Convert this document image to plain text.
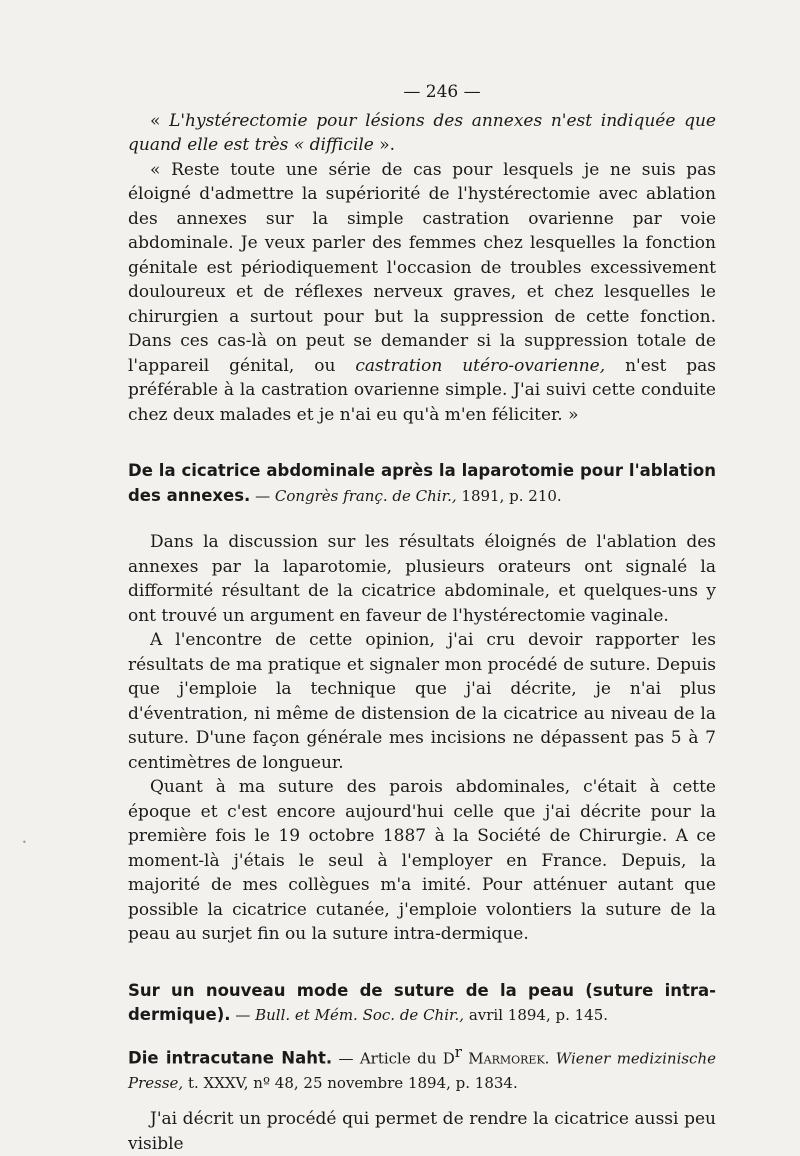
— 246 —

« L'hystérectomie pour lésions des annexes n'est indiquée que quand elle est très « difficile ».

« Reste toute une série de cas pour lesquels je ne suis pas éloigné d'admettre la supériorité de l'hystérectomie avec ablation des annexes sur la simple castration ovarienne par voie abdominale. Je veux parler des femmes chez lesquelles la fonction génitale est périodiquement l'occasion de troubles excessivement douloureux et de réflexes nerveux graves, et chez lesquelles le chirurgien a surtout pour but la suppression de cette fonction. Dans ces cas-là on peut se demander si la suppression totale de l'appareil génital, ou castration utéro-ovarienne, n'est pas préférable à la castration ovarienne simple. J'ai suivi cette conduite chez deux malades et je n'ai eu qu'à m'en féliciter. »

De la cicatrice abdominale après la laparotomie pour l'ablation des annexes. — Congrès franç. de Chir., 1891, p. 210.

Dans la discussion sur les résultats éloignés de l'ablation des annexes par la laparotomie, plusieurs orateurs ont signalé la difformité résultant de la cicatrice abdominale, et quelques-uns y ont trouvé un argument en faveur de l'hystérectomie vaginale.

A l'encontre de cette opinion, j'ai cru devoir rapporter les résultats de ma pratique et signaler mon procédé de suture. Depuis que j'emploie la technique que j'ai décrite, je n'ai plus d'éventration, ni même de distension de la cicatrice au niveau de la suture. D'une façon générale mes incisions ne dépassent pas 5 à 7 centimètres de longueur.

Quant à ma suture des parois abdominales, c'était à cette époque et c'est encore aujourd'hui celle que j'ai décrite pour la première fois le 19 octobre 1887 à la Société de Chirurgie. A ce moment-là j'étais le seul à l'employer en France. Depuis, la majorité de mes collègues m'a imité. Pour atténuer autant que possible la cicatrice cutanée, j'emploie volontiers la suture de la peau au surjet fin ou la suture intra-dermique.

Sur un nouveau mode de suture de la peau (suture intra-dermique). — Bull. et Mém. Soc. de Chir., avril 1894, p. 145.

Die intracutane Naht. — Article du D$^r$ Marmorek. Wiener medizinische Presse, t. XXXV, nº 48, 25 novembre 1894, p. 1834.

J'ai décrit un procédé qui permet de rendre la cicatrice aussi peu visible

•
